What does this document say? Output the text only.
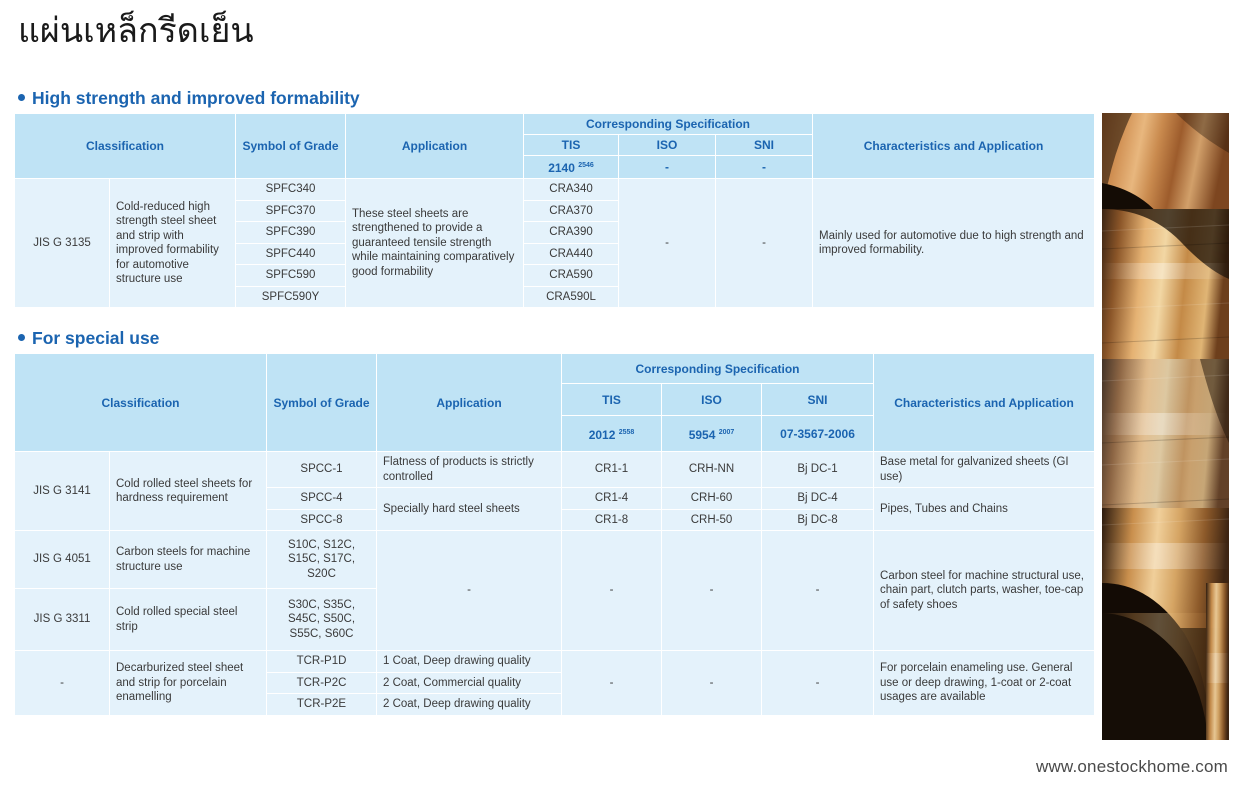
แผ่นเหล็กรีดเย็น
High strength and improved formability
Classification		Symbol of Grade	Application	Corresponding Specification			Characteristics and Application
				TIS	ISO	SNI	
				2140 $^{2546}$	-	-	
JIS G 3135	Cold-reduced high strength steel sheet and strip with improved formability for automotive structure use	SPFC340	These steel sheets are strengthened to provide a guaranteed tensile strength while maintaining comparatively good formability	CRA340	-	-	Mainly used for automotive due to high strength and improved formability.
		SPFC370		CRA370			
		SPFC390		CRA390			
		SPFC440		CRA440			
		SPFC590		CRA590			
		SPFC590Y		CRA590L			
For special use
Classification		Symbol of Grade	Application	Corresponding Specification			Characteristics and Application
				TIS	ISO	SNI	
				2012 $^{2558}$	5954 $^{2007}$	07-3567-2006	
JIS G 3141	Cold rolled steel sheets for hardness requirement	SPCC-1	Flatness of products is strictly controlled	CR1-1	CRH-NN	Bj DC-1	Base metal for galvanized sheets (GI use)
		SPCC-4	Specially hard steel sheets	CR1-4	CRH-60	Bj DC-4	Pipes, Tubes and Chains
		SPCC-8		CR1-8	CRH-50	Bj DC-8	
JIS G 4051	Carbon steels for machine structure use	S10C, S12C, S15C, S17C, S20C	-	-	-	-	Carbon steel for machine structural use, chain part, clutch parts, washer, toe-cap of safety shoes
JIS G 3311	Cold rolled special steel strip	S30C, S35C, S45C, S50C, S55C, S60C					
-	Decarburized steel sheet and strip for porcelain enamelling	TCR-P1D	1 Coat, Deep drawing quality	-	-	-	For porcelain enameling use. General use or deep drawing, 1-coat or 2-coat usages are available
		TCR-P2C	2 Coat, Commercial quality				
		TCR-P2E	2 Coat, Deep drawing quality				
www.onestockhome.com
